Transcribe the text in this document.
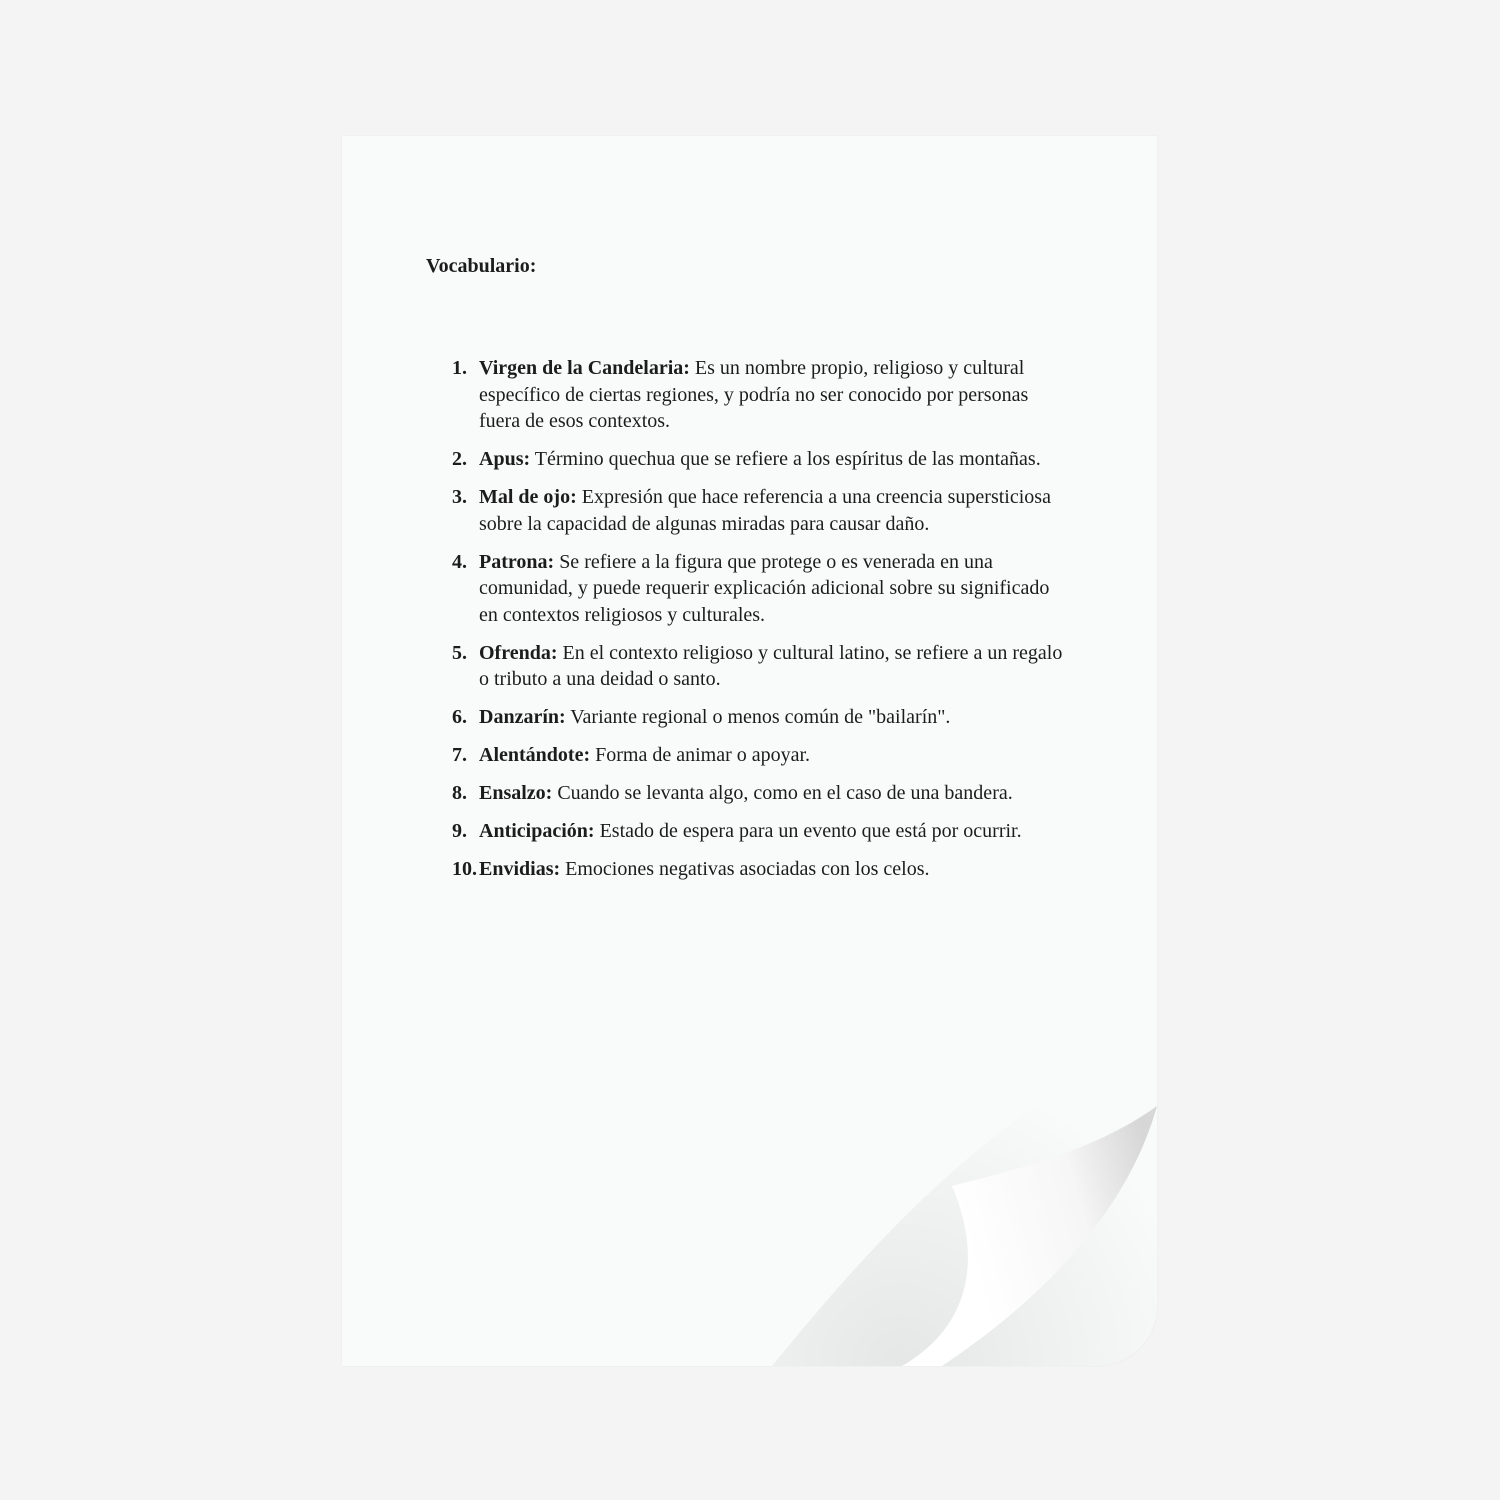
Vocabulario:

1. Virgen de la Candelaria: Es un nombre propio, religioso y cultural específico de ciertas regiones, y podría no ser conocido por personas fuera de esos contextos.
2. Apus: Término quechua que se refiere a los espíritus de las montañas.
3. Mal de ojo: Expresión que hace referencia a una creencia supersticiosa sobre la capacidad de algunas miradas para causar daño.
4. Patrona: Se refiere a la figura que protege o es venerada en una comunidad, y puede requerir explicación adicional sobre su significado en contextos religiosos y culturales.
5. Ofrenda: En el contexto religioso y cultural latino, se refiere a un regalo o tributo a una deidad o santo.
6. Danzarín: Variante regional o menos común de "bailarín".
7. Alentándote: Forma de animar o apoyar.
8. Ensalzo: Cuando se levanta algo, como en el caso de una bandera.
9. Anticipación: Estado de espera para un evento que está por ocurrir.
10. Envidias: Emociones negativas asociadas con los celos.
